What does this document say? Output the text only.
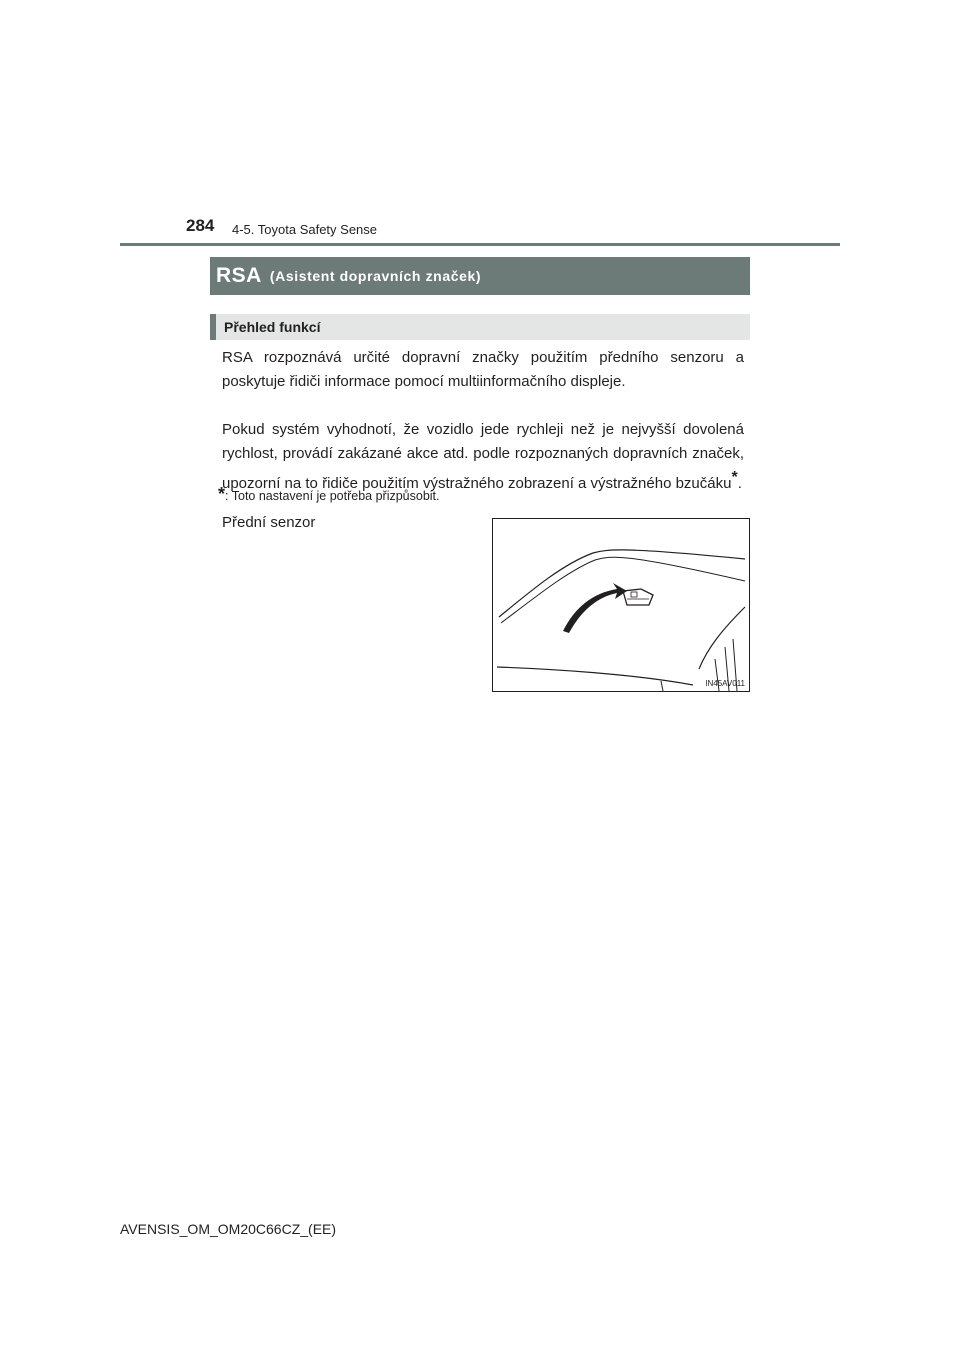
284 4-5. Toyota Safety Sense
RSA (Asistent dopravních značek)
Přehled funkcí

RSA rozpoznává určité dopravní značky použitím předního senzoru a poskytuje řidiči informace pomocí multiinformačního displeje.

Pokud systém vyhodnotí, že vozidlo jede rychleji než je nejvyšší dovolená rychlost, provádí zakázané akce atd. podle rozpoznaných dopravních značek, upozorní na to řidiče použitím výstražného zobrazení a výstražného bzučáku*.

*: Toto nastavení je potřeba přizpůsobit.
Přední senzor
IN45AV011
AVENSIS_OM_OM20C66CZ_(EE)
